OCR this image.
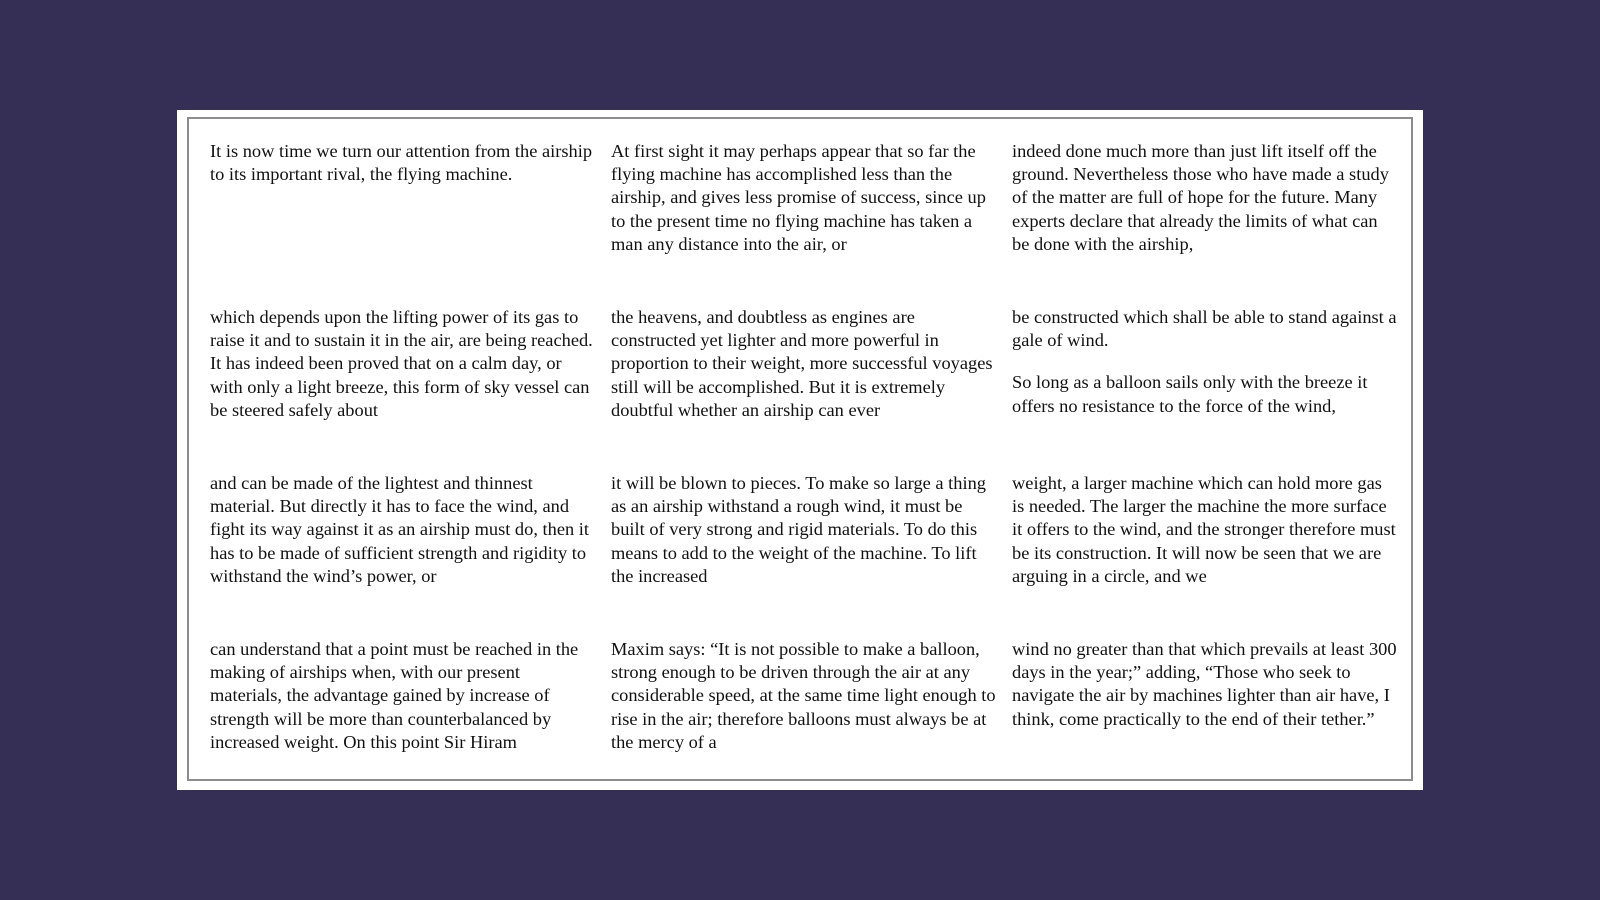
It is now time we turn our attention from the airship to its important rival, the flying machine.

At first sight it may perhaps appear that so far the flying machine has accomplished less than the airship, and gives less promise of success, since up to the present time no flying machine has taken a man any distance into the air, or

indeed done much more than just lift itself off the ground. Nevertheless those who have made a study of the matter are full of hope for the future. Many experts declare that already the limits of what can be done with the airship,

which depends upon the lifting power of its gas to raise it and to sustain it in the air, are being reached. It has indeed been proved that on a calm day, or with only a light breeze, this form of sky vessel can be steered safely about

the heavens, and doubtless as engines are constructed yet lighter and more powerful in proportion to their weight, more successful voyages still will be accomplished. But it is extremely doubtful whether an airship can ever

be constructed which shall be able to stand against a gale of wind.

So long as a balloon sails only with the breeze it offers no resistance to the force of the wind,

and can be made of the lightest and thinnest material. But directly it has to face the wind, and fight its way against it as an airship must do, then it has to be made of sufficient strength and rigidity to withstand the wind’s power, or

it will be blown to pieces. To make so large a thing as an airship withstand a rough wind, it must be built of very strong and rigid materials. To do this means to add to the weight of the machine. To lift the increased

weight, a larger machine which can hold more gas is needed. The larger the machine the more surface it offers to the wind, and the stronger therefore must be its construction. It will now be seen that we are arguing in a circle, and we

can understand that a point must be reached in the making of airships when, with our present materials, the advantage gained by increase of strength will be more than counterbalanced by increased weight. On this point Sir Hiram

Maxim says: “It is not possible to make a balloon, strong enough to be driven through the air at any considerable speed, at the same time light enough to rise in the air; therefore balloons must always be at the mercy of a

wind no greater than that which prevails at least 300 days in the year;” adding, “Those who seek to navigate the air by machines lighter than air have, I think, come practically to the end of their tether.”
